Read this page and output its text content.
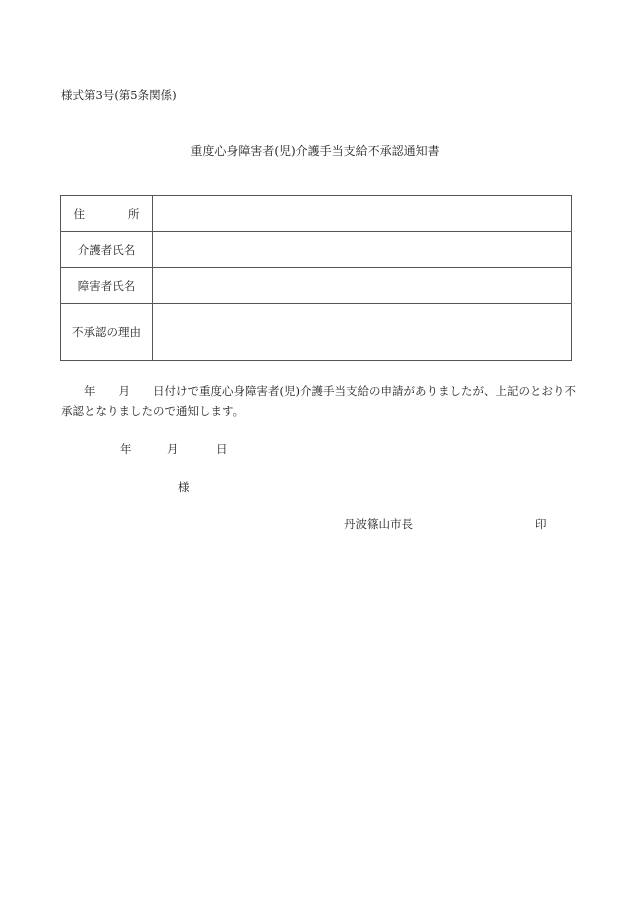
様式第3号(第5条関係)
重度心身障害者(児)介護手当支給不承認通知書
住　　所	
介護者氏名	
障害者氏名	
不承認の理由	
　　年　　月　　日付けで重度心身障害者(児)介護手当支給の申請がありましたが、上記のとおり不承認となりましたので通知します。
年	月	日
様
丹波篠山市長	印
